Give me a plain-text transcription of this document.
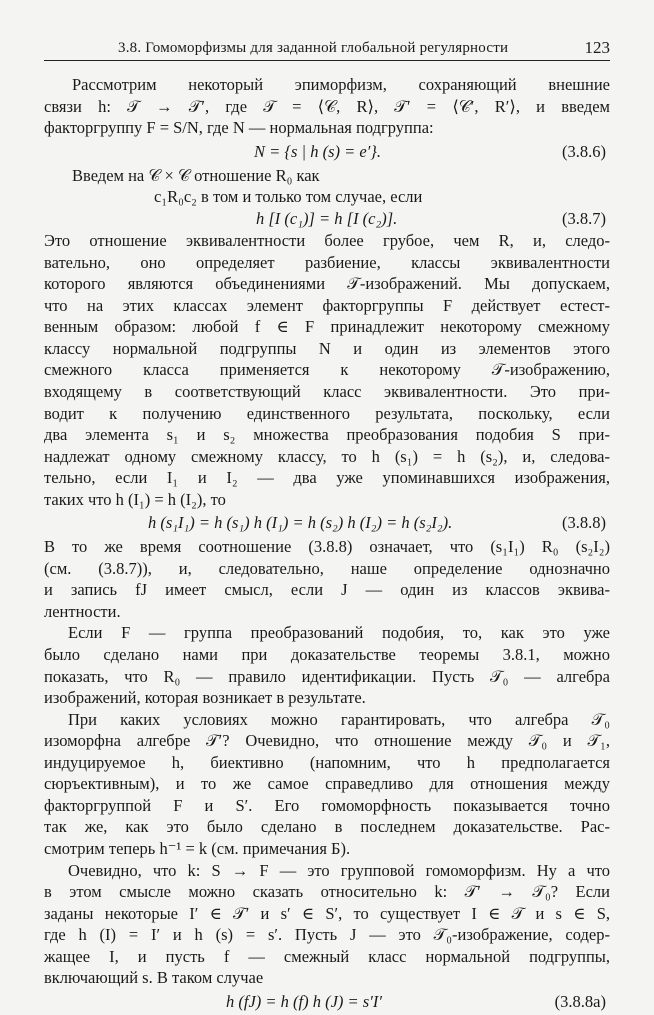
3.8. Гомоморфизмы для заданной глобальной регулярности	123
Рассмотрим некоторый эпиморфизм, сохраняющий внешние
связи h: 𝒯 → 𝒯′, где 𝒯 = ⟨𝒞, R⟩, 𝒯′ = ⟨𝒞′, R′⟩, и введем
факторгруппу F = S/N, где N — нормальная подгруппа:
N = {s | h (s) = e′}.	(3.8.6)
Введем на 𝒞 × 𝒞 отношение R₀ как
c₁R₀c₂ в том и только том случае, если
h [I (c₁)] = h [I (c₂)].	(3.8.7)
Это отношение эквивалентности более грубое, чем R, и, следо-
вательно, оно определяет разбиение, классы эквивалентности
которого являются объединениями 𝒯-изображений. Мы допускаем,
что на этих классах элемент факторгруппы F действует естест-
венным образом: любой f ∈ F принадлежит некоторому смежному
классу нормальной подгруппы N и один из элементов этого
смежного класса применяется к некоторому 𝒯-изображению,
входящему в соответствующий класс эквивалентности. Это при-
водит к получению единственного результата, поскольку, если
два элемента s₁ и s₂ множества преобразования подобия S при-
надлежат одному смежному классу, то h (s₁) = h (s₂), и, следова-
тельно, если I₁ и I₂ — два уже упоминавшихся изображения,
таких что h (I₁) = h (I₂), то
h (s₁I₁) = h (s₁) h (I₁) = h (s₂) h (I₂) = h (s₂I₂).	(3.8.8)
В то же время соотношение (3.8.8) означает, что (s₁I₁) R₀ (s₂I₂)
(см. (3.8.7)), и, следовательно, наше определение однозначно
и запись fJ имеет смысл, если J — один из классов эквива-
лентности.
Если F — группа преобразований подобия, то, как это уже
было сделано нами при доказательстве теоремы 3.8.1, можно
показать, что R₀ — правило идентификации. Пусть 𝒯₀ — алгебра
изображений, которая возникает в результате.
При каких условиях можно гарантировать, что алгебра 𝒯₀
изоморфна алгебре 𝒯′? Очевидно, что отношение между 𝒯₀ и 𝒯₁,
индуцируемое h, биективно (напомним, что h предполагается
сюръективным), и то же самое справедливо для отношения между
факторгруппой F и S′. Его гомоморфность показывается точно
так же, как это было сделано в последнем доказательстве. Рас-
смотрим теперь h⁻¹ = k (см. примечания Б).
Очевидно, что k: S → F — это групповой гомоморфизм. Ну а что
в этом смысле можно сказать относительно k: 𝒯′ → 𝒯₀? Если
заданы некоторые I′ ∈ 𝒯′ и s′ ∈ S′, то существует I ∈ 𝒯 и s ∈ S,
где h (I) = I′ и h (s) = s′. Пусть J — это 𝒯₀-изображение, содер-
жащее I, и пусть f — смежный класс нормальной подгруппы,
включающий s. В таком случае
h (fJ) = h (f) h (J) = s′I′	(3.8.8a)
